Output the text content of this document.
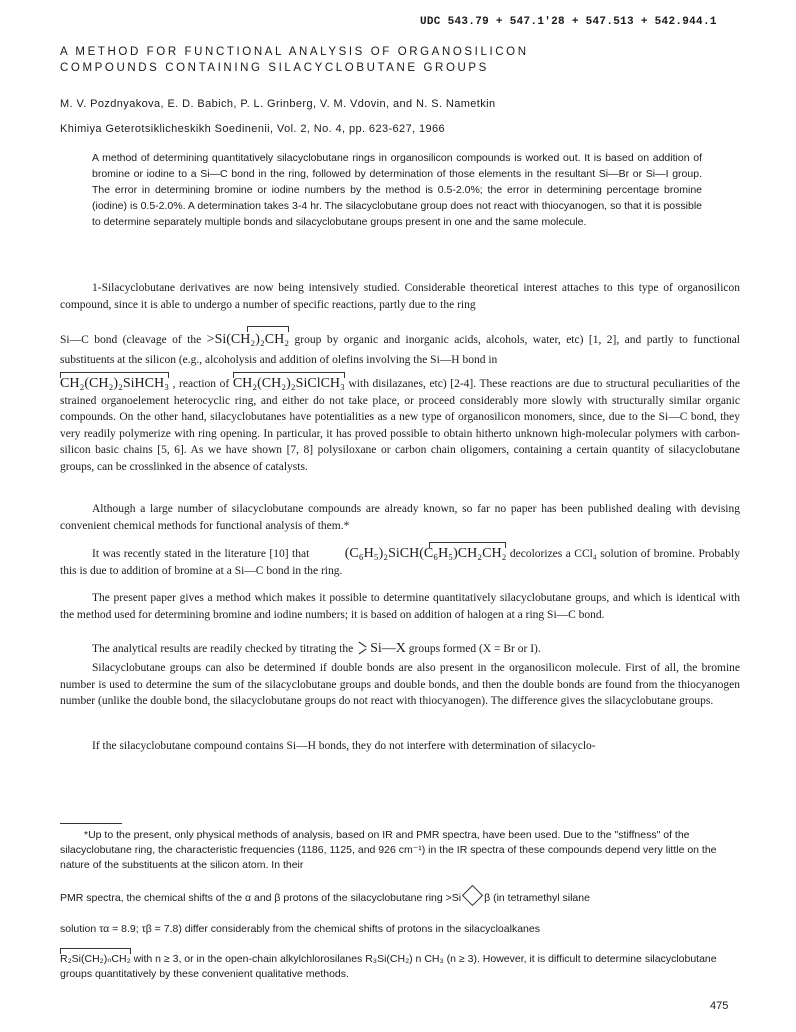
UDC 543.79 + 547.1'28 + 547.513 + 542.944.1
A METHOD FOR FUNCTIONAL ANALYSIS OF ORGANOSILICON
COMPOUNDS CONTAINING SILACYCLOBUTANE GROUPS
M. V. Pozdnyakova, E. D. Babich, P. L. Grinberg, V. M. Vdovin, and N. S. Nametkin
Khimiya Geterotsiklicheskikh Soedinenii, Vol. 2, No. 4, pp. 623-627, 1966
A method of determining quantitatively silacyclobutane rings in organosilicon compounds is worked out. It is based on addition of bromine or iodine to a Si—C bond in the ring, followed by determination of those elements in the resultant Si—Br or Si—I group. The error in determining bromine or iodine numbers by the method is 0.5-2.0%; the error in determining percentage bromine (iodine) is 0.5-2.0%. A determination takes 3-4 hr. The silacyclobutane group does not react with thiocyanogen, so that it is possible to determine separately multiple bonds and silacyclobutane groups present in one and the same molecule.

1-Silacyclobutane derivatives are now being intensively studied. Considerable theoretical interest attaches to this type of organosilicon compound, since it is able to undergo a number of specific reactions, partly due to the ring

Si—C bond (cleavage of the >Si(CH₂)₂CH₂ group by organic and inorganic acids, alcohols, water, etc) [1, 2], and partly to functional substituents at the silicon (e.g., alcoholysis and addition of olefins involving the Si—H bond in

CH₂(CH₂)₂SiHCH₃ , reaction of CH₂(CH₂)₂SiClCH₃ with disilazanes, etc) [2-4]. These reactions are due to structural peculiarities of the strained organoelement heterocyclic ring, and either do not take place, or proceed considerably more slowly with structurally similar organic compounds. On the other hand, silacyclobutanes have potentialities as a new type of organosilicon monomers, since, due to the Si—C bond, they very readily polymerize with ring opening. In particular, it has proved possible to obtain hitherto unknown high-molecular polymers with carbon-silicon basic chains [5, 6]. As we have shown [7, 8] polysiloxane or carbon chain oligomers, containing a certain quantity of silacyclobutane groups, can be crosslinked in the absence of catalysts.

Although a large number of silacyclobutane compounds are already known, so far no paper has been published dealing with devising convenient chemical methods for functional analysis of them.*

It was recently stated in the literature [10] that (C₆H₅)₂SiCH(C₆H₅)CH₂CH₂ decolorizes a CCl₄ solution of bromine. Probably this is due to addition of bromine at a Si—C bond in the ring.

The present paper gives a method which makes it possible to determine quantitatively silacyclobutane groups, and which is identical with the method used for determining bromine and iodine numbers; it is based on addition of halogen at a ring Si—C bond.

The analytical results are readily checked by titrating the Si—X groups formed (X = Br or I).

Silacyclobutane groups can also be determined if double bonds are also present in the organosilicon molecule. First of all, the bromine number is used to determine the sum of the silacyclobutane groups and double bonds, and then the double bonds are found from the thiocyanogen number (unlike the double bond, the silacyclobutane groups do not react with thiocyanogen). The difference gives the silacyclobutane groups.

If the silacyclobutane compound contains Si—H bonds, they do not interfere with determination of silacyclo-

*Up to the present, only physical methods of analysis, based on IR and PMR spectra, have been used. Due to the "stiffness" of the silacyclobutane ring, the characteristic frequencies (1186, 1125, and 926 cm⁻¹) in the IR spectra of these compounds depend very little on the nature of the substituents at the silicon atom. In their
PMR spectra, the chemical shifts of the α and β protons of the silacyclobutane ring >Si β (in tetramethyl silane
solution τα = 8.9; τβ = 7.8) differ considerably from the chemical shifts of protons in the silacycloalkanes
R₂Si(CH₂)ₙCH₂ with n ≥ 3, or in the open-chain alkylchlorosilanes R₃Si(CH₂) n CH₃ (n ≥ 3). However, it is difficult to determine silacyclobutane groups quantitatively by these convenient qualitative methods.
475
